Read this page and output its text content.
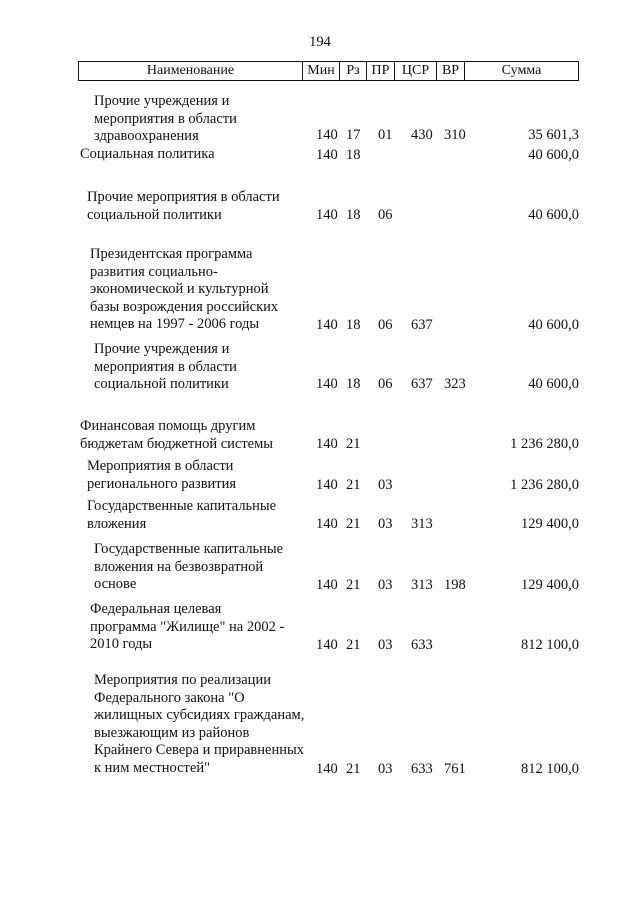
194
Наименование	Мин Рз ПР ЦСР ВР	Сумма
Прочие учреждения и
мероприятия в области
здравоохранения	140 17 01 430 310	35 601,3
Социальная политика	140 18	40 600,0
Прочие мероприятия в области
социальной политики	140 18 06	40 600,0
Президентская программа
развития социально-
экономической и культурной
базы возрождения российских
немцев на 1997 - 2006 годы	140 18 06 637	40 600,0
Прочие учреждения и
мероприятия в области
социальной политики	140 18 06 637 323	40 600,0
Финансовая помощь другим
бюджетам бюджетной системы	140 21	1 236 280,0
Мероприятия в области
регионального развития	140 21 03	1 236 280,0
Государственные капитальные
вложения	140 21 03 313	129 400,0
Государственные капитальные
вложения на безвозвратной
основе	140 21 03 313 198	129 400,0
Федеральная целевая
программа "Жилище" на 2002 -
2010 годы	140 21 03 633	812 100,0
Мероприятия по реализации
Федерального закона "О
жилищных субсидиях гражданам,
выезжающим из районов
Крайнего Севера и приравненных
к ним местностей"	140 21 03 633 761	812 100,0
